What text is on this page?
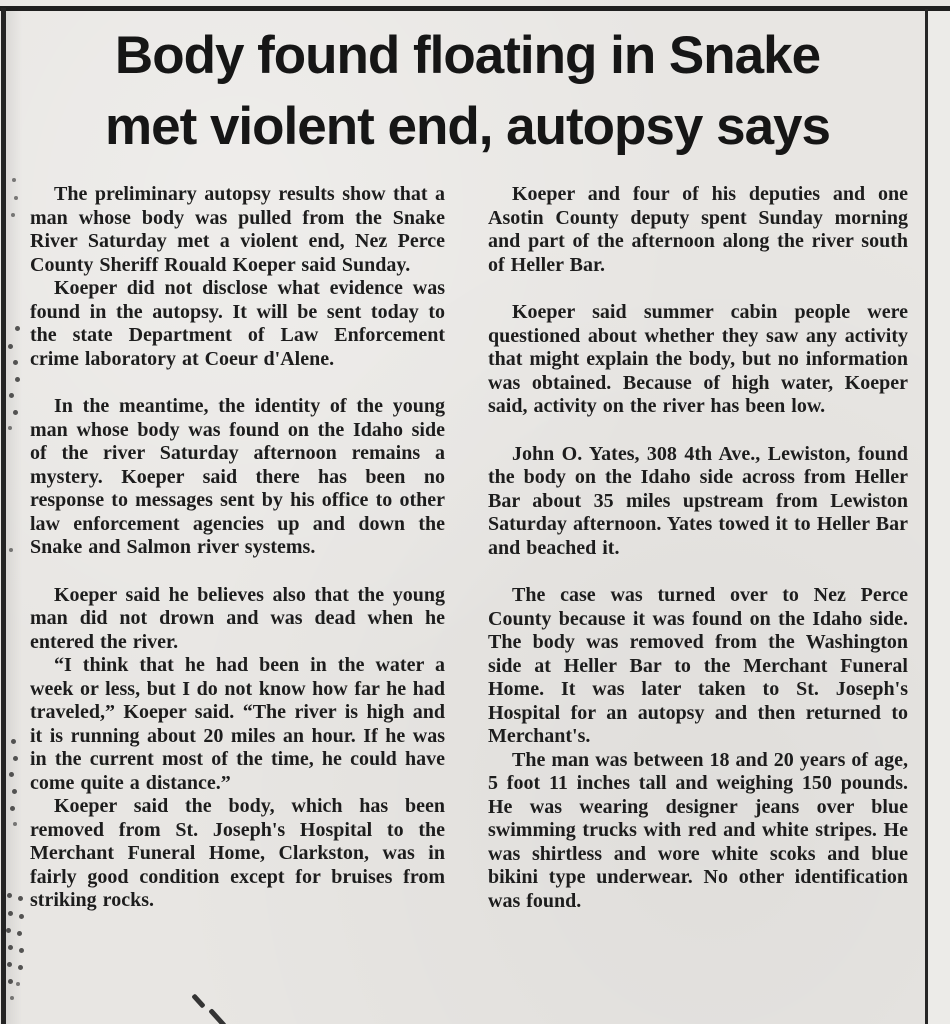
Body found floating in Snake
met violent end, autopsy says

The preliminary autopsy results show that a man whose body was pulled from the Snake River Saturday met a violent end, Nez Perce County Sheriff Rouald Koeper said Sunday.

Koeper did not disclose what evidence was found in the autopsy. It will be sent today to the state Department of Law Enforcement crime laboratory at Coeur d'Alene.

In the meantime, the identity of the young man whose body was found on the Idaho side of the river Saturday afternoon remains a mystery. Koeper said there has been no response to messages sent by his office to other law enforcement agencies up and down the Snake and Salmon river systems.

Koeper said he believes also that the young man did not drown and was dead when he entered the river.

“I think that he had been in the water a week or less, but I do not know how far he had traveled,” Koeper said. “The river is high and it is running about 20 miles an hour. If he was in the current most of the time, he could have come quite a distance.”

Koeper said the body, which has been removed from St. Joseph's Hospital to the Merchant Funeral Home, Clarkston, was in fairly good condition except for bruises from striking rocks.

Koeper and four of his deputies and one Asotin County deputy spent Sunday morning and part of the afternoon along the river south of Heller Bar.

Koeper said summer cabin people were questioned about whether they saw any activity that might explain the body, but no information was obtained. Because of high water, Koeper said, activity on the river has been low.

John O. Yates, 308 4th Ave., Lewiston, found the body on the Idaho side across from Heller Bar about 35 miles upstream from Lewiston Saturday afternoon. Yates towed it to Heller Bar and beached it.

The case was turned over to Nez Perce County because it was found on the Idaho side. The body was removed from the Washington side at Heller Bar to the Merchant Funeral Home. It was later taken to St. Joseph's Hospital for an autopsy and then returned to Merchant's.

The man was between 18 and 20 years of age, 5 foot 11 inches tall and weighing 150 pounds. He was wearing designer jeans over blue swimming trucks with red and white stripes. He was shirtless and wore white scoks and blue bikini type underwear. No other identification was found.
